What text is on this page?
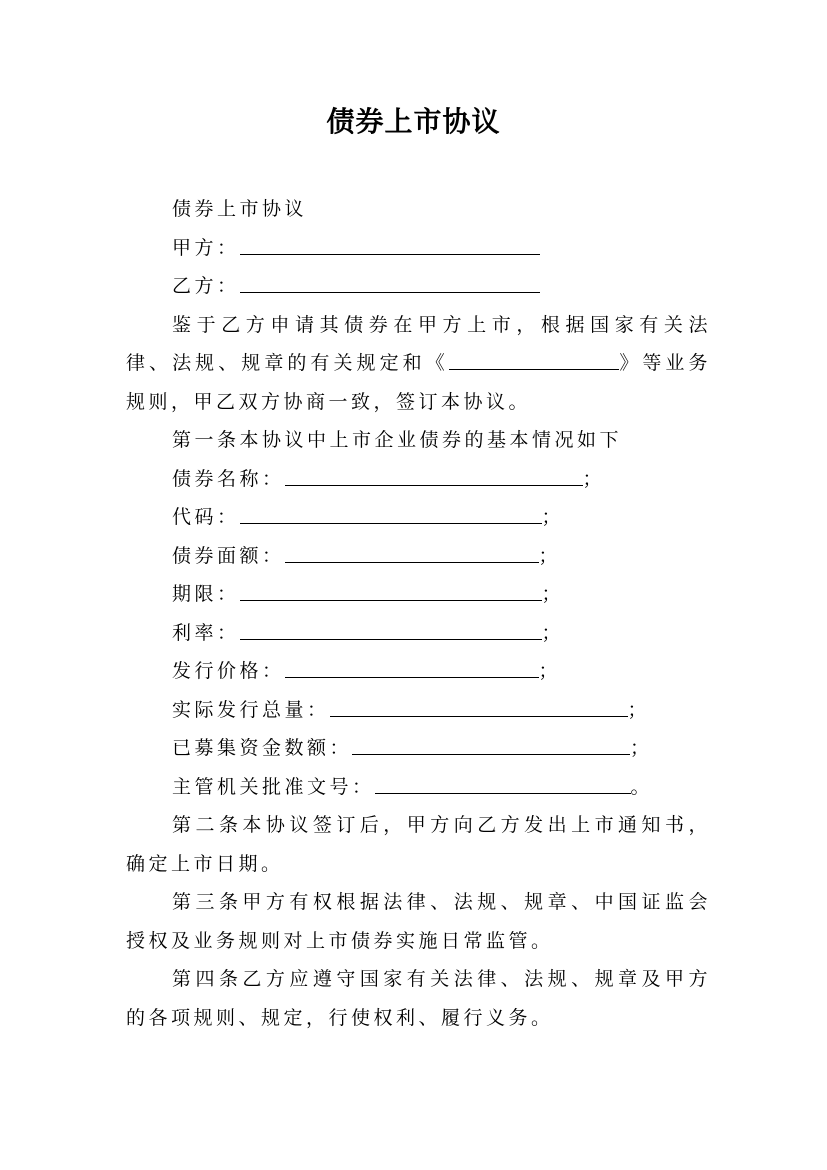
债券上市协议

债券上市协议

甲方：

乙方：

鉴于乙方申请其债券在甲方上市，根据国家有关法律、法规、规章的有关规定和《	》等业务规则，甲乙双方协商一致，签订本协议。

第一条本协议中上市企业债券的基本情况如下

债券名称：	；

代码：	；

债券面额：	；

期限：	；

利率：	；

发行价格：	；

实际发行总量：	；

已募集资金数额：	；

主管机关批准文号：	。

第二条本协议签订后，甲方向乙方发出上市通知书，确定上市日期。

第三条甲方有权根据法律、法规、规章、中国证监会授权及业务规则对上市债券实施日常监管。

第四条乙方应遵守国家有关法律、法规、规章及甲方的各项规则、规定，行使权利、履行义务。
